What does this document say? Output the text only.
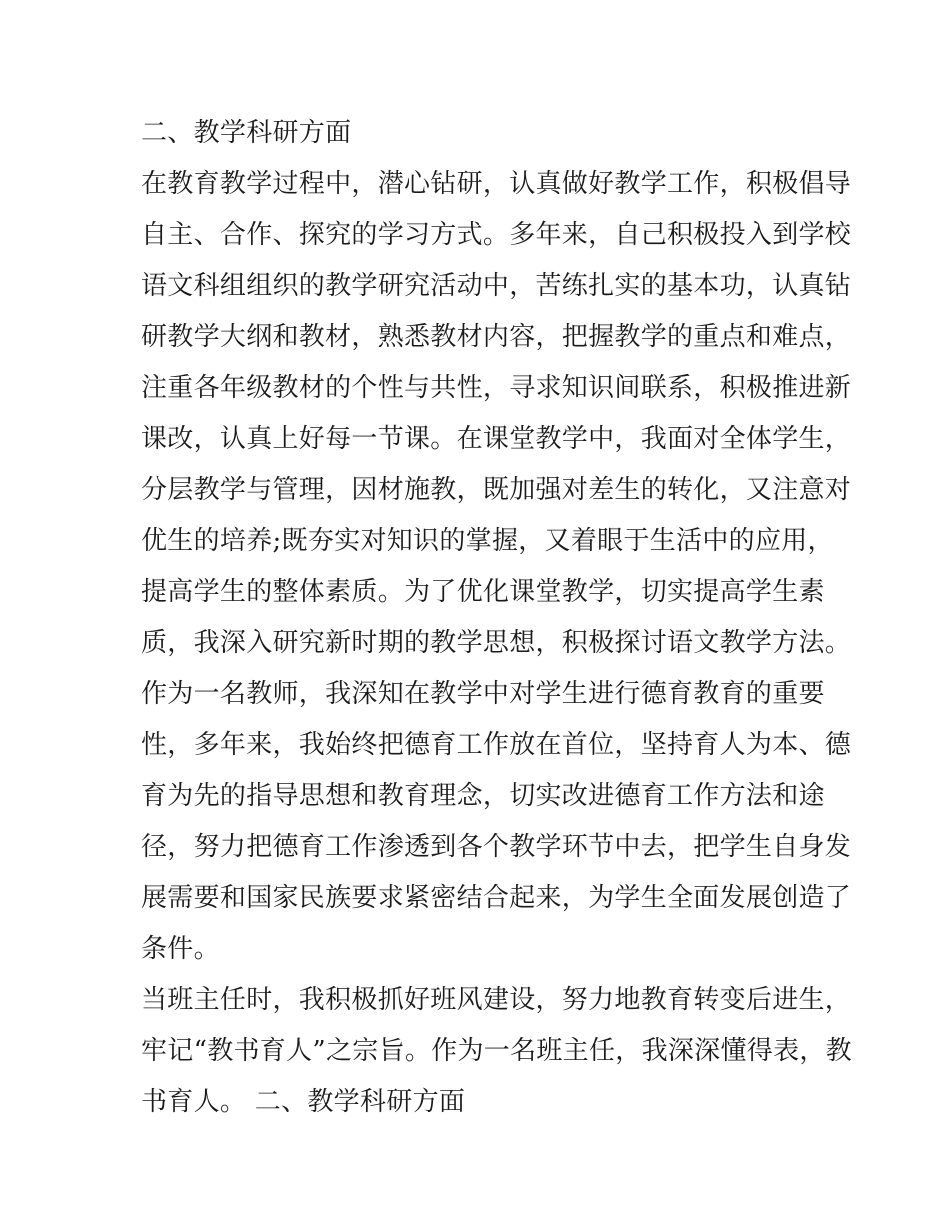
二、教学科研方面
在教育教学过程中，潜心钻研，认真做好教学工作，积极倡导
自主、合作、探究的学习方式。多年来，自己积极投入到学校
语文科组组织的教学研究活动中，苦练扎实的基本功，认真钻
研教学大纲和教材，熟悉教材内容，把握教学的重点和难点，
注重各年级教材的个性与共性，寻求知识间联系，积极推进新
课改，认真上好每一节课。在课堂教学中，我面对全体学生，
分层教学与管理，因材施教，既加强对差生的转化，又注意对
优生的培养;既夯实对知识的掌握，又着眼于生活中的应用，
提高学生的整体素质。为了优化课堂教学，切实提高学生素
质，我深入研究新时期的教学思想，积极探讨语文教学方法。
作为一名教师，我深知在教学中对学生进行德育教育的重要
性，多年来，我始终把德育工作放在首位，坚持育人为本、德
育为先的指导思想和教育理念，切实改进德育工作方法和途
径，努力把德育工作渗透到各个教学环节中去，把学生自身发
展需要和国家民族要求紧密结合起来，为学生全面发展创造了
条件。
当班主任时，我积极抓好班风建设，努力地教育转变后进生，
牢记“教书育人”之宗旨。作为一名班主任，我深深懂得表，教
书育人。 二、教学科研方面
